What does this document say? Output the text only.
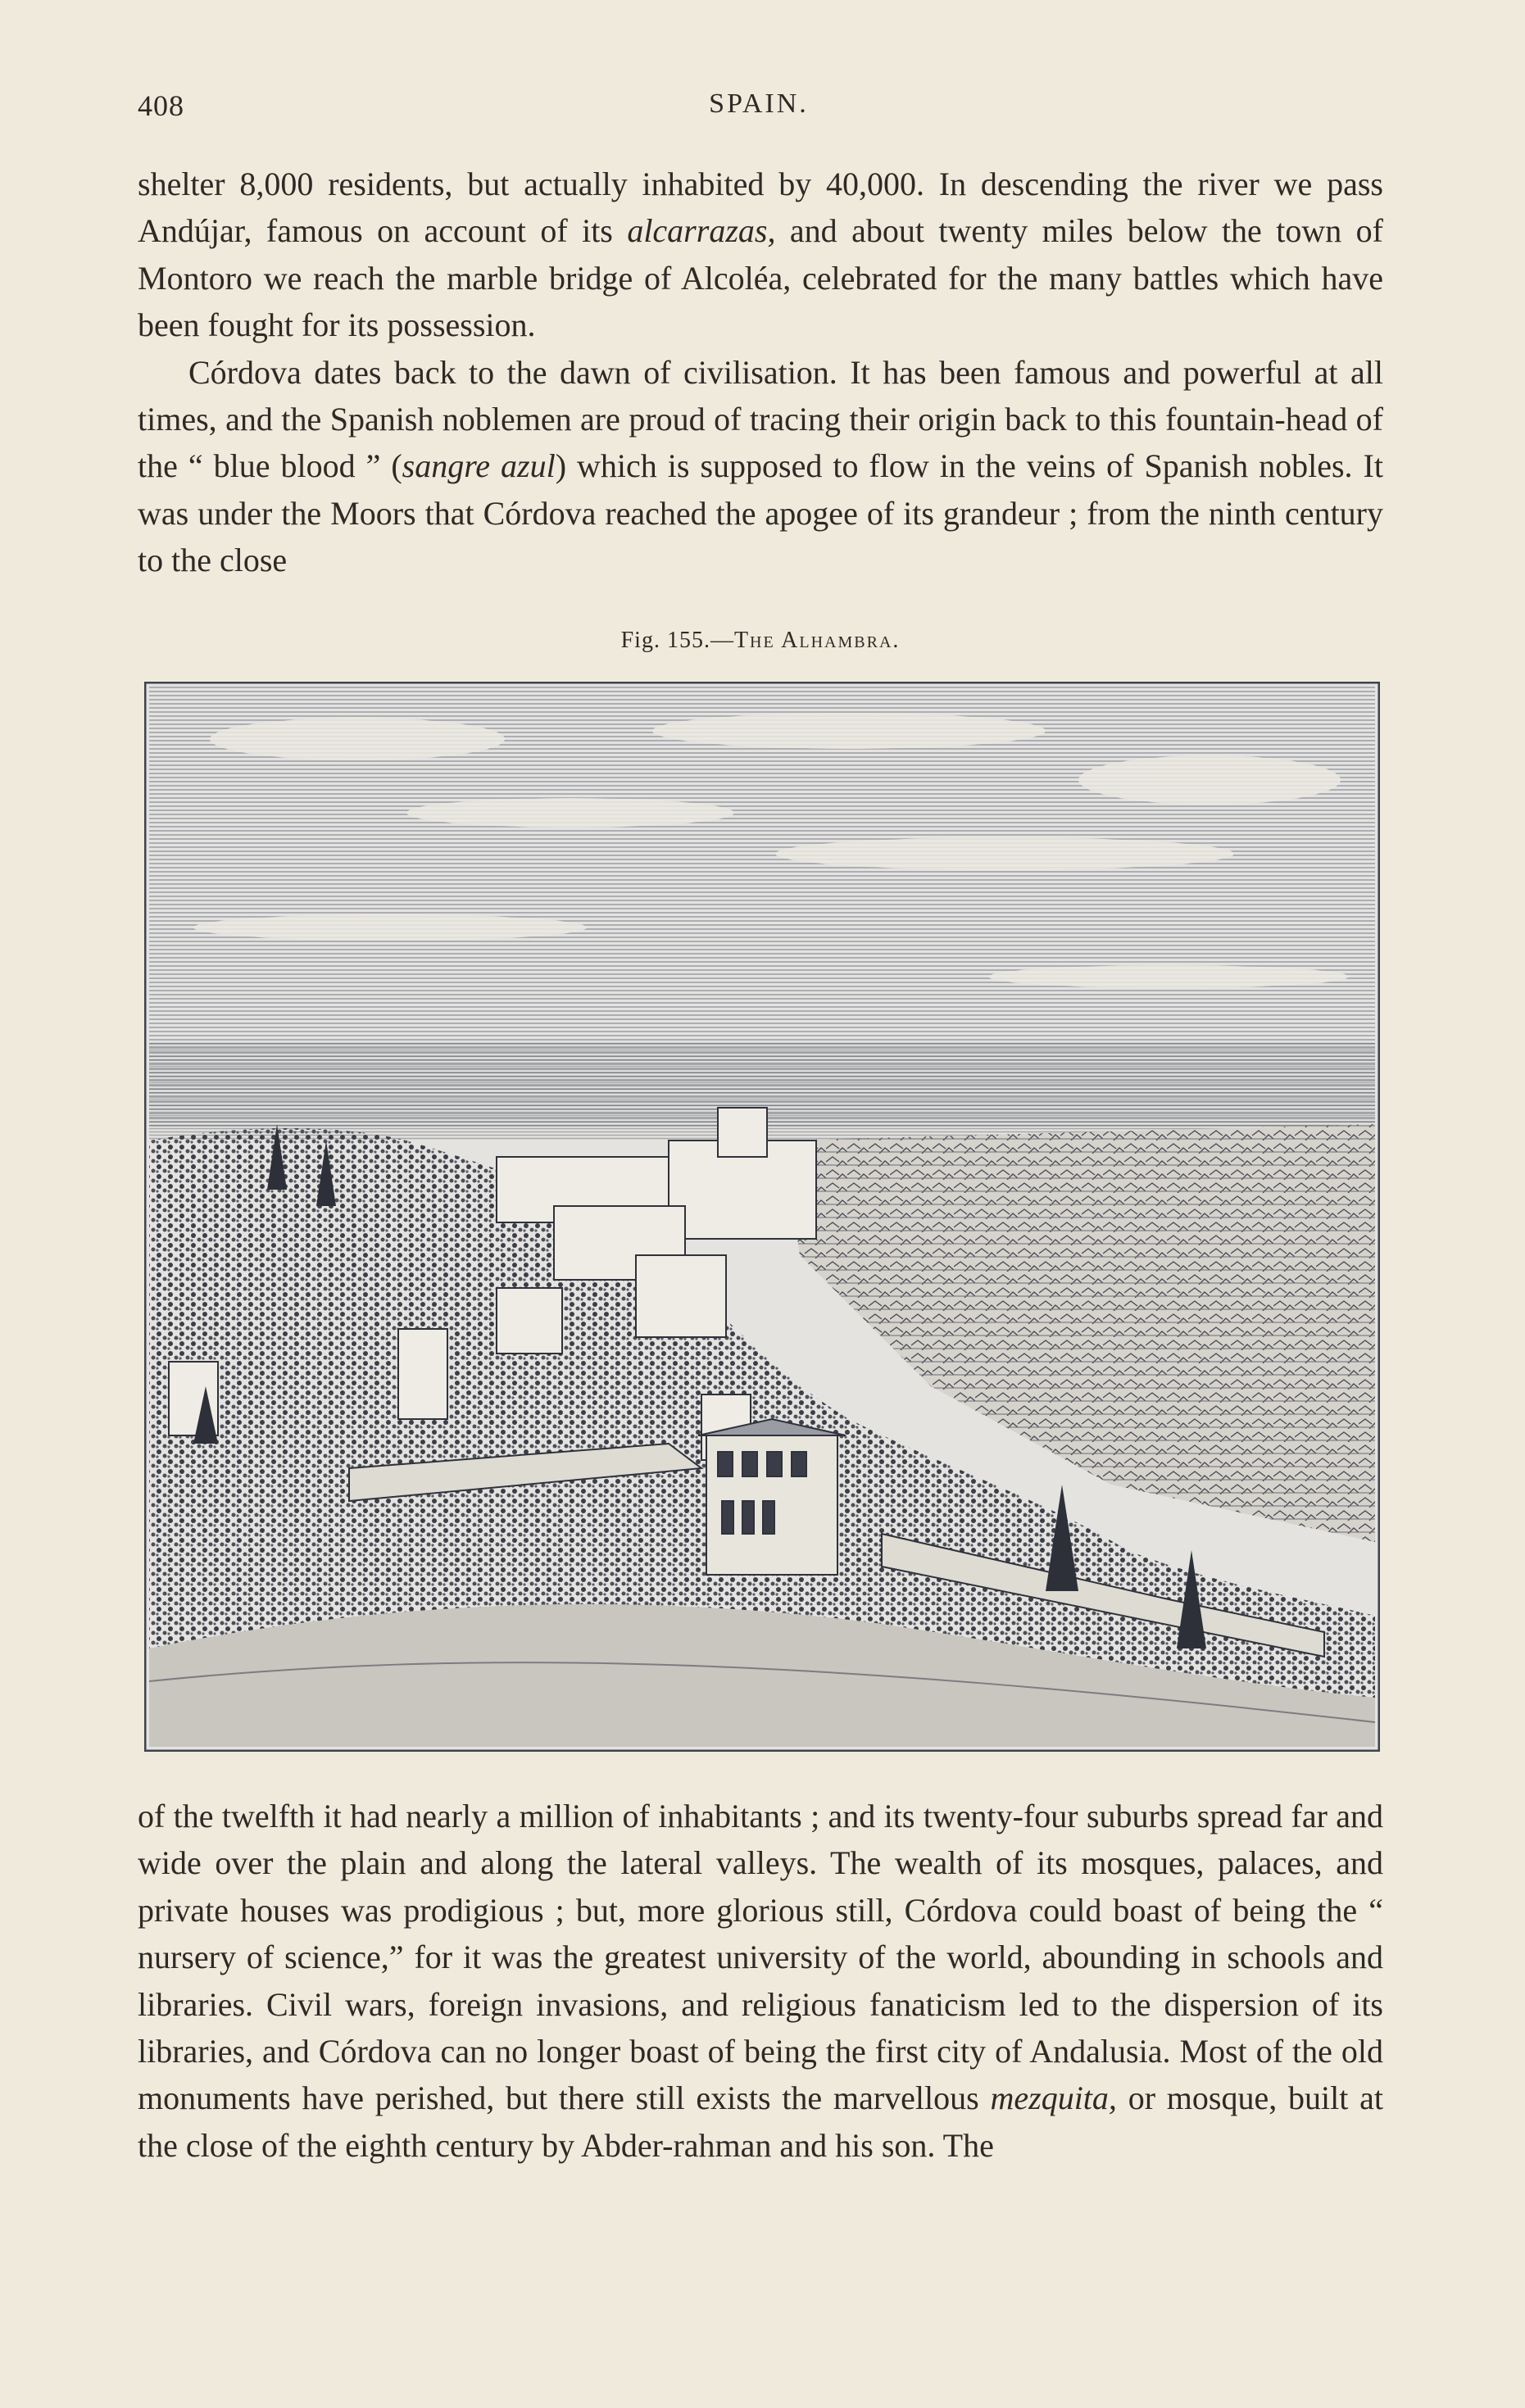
408	SPAIN.

shelter 8,000 residents, but actually inhabited by 40,000. In descending the river we pass Andújar, famous on account of its alcarrazas, and about twenty miles below the town of Montoro we reach the marble bridge of Alcoléa, celebrated for the many battles which have been fought for its possession.

Córdova dates back to the dawn of civilisation. It has been famous and powerful at all times, and the Spanish noblemen are proud of tracing their origin back to this fountain-head of the “ blue blood ” (sangre azul) which is supposed to flow in the veins of Spanish nobles. It was under the Moors that Córdova reached the apogee of its grandeur ; from the ninth century to the close

Fig. 155.—The Alhambra.

of the twelfth it had nearly a million of inhabitants ; and its twenty-four suburbs spread far and wide over the plain and along the lateral valleys. The wealth of its mosques, palaces, and private houses was prodigious ; but, more glorious still, Córdova could boast of being the “ nursery of science,” for it was the greatest university of the world, abounding in schools and libraries. Civil wars, foreign invasions, and religious fanaticism led to the dispersion of its libraries, and Córdova can no longer boast of being the first city of Andalusia. Most of the old monuments have perished, but there still exists the marvellous mezquita, or mosque, built at the close of the eighth century by Abder-rahman and his son. The
